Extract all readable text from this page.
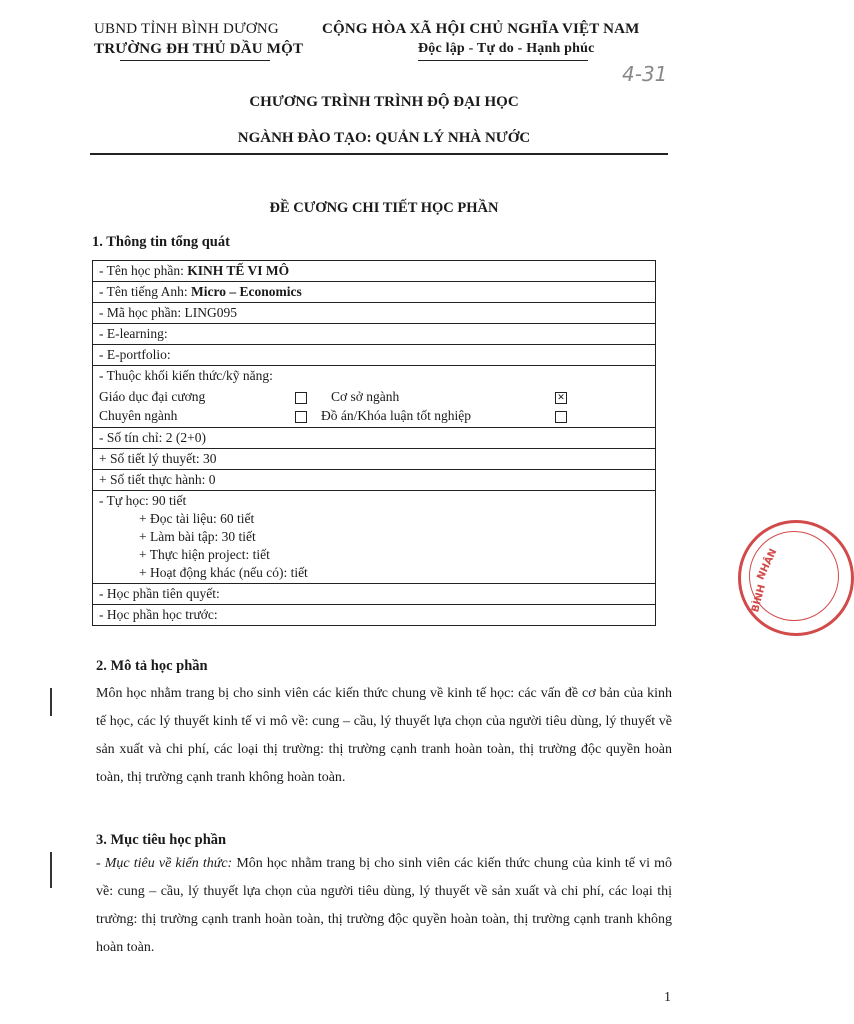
UBND TỈNH BÌNH DƯƠNG
TRƯỜNG ĐH THỦ DẦU MỘT
CỘNG HÒA XÃ HỘI CHỦ NGHĨA VIỆT NAM
Độc lập - Tự do - Hạnh phúc
4-31
CHƯƠNG TRÌNH TRÌNH ĐỘ ĐẠI HỌC
NGÀNH ĐÀO TẠO: QUẢN LÝ NHÀ NƯỚC
ĐỀ CƯƠNG CHI TIẾT HỌC PHẦN
1. Thông tin tổng quát
- Tên học phần: KINH TẾ VI MÔ
- Tên tiếng Anh: Micro – Economics
- Mã học phần: LING095
- E-learning:
- E-portfolio:
- Thuộc khối kiến thức/kỹ năng:
Giáo dục đại cương	Cơ sở ngành
✕
Chuyên ngành	Đồ án/Khóa luận tốt nghiệp
- Số tín chỉ: 2 (2+0)
+ Số tiết lý thuyết: 30
+ Số tiết thực hành: 0
- Tự học: 90 tiết
+ Đọc tài liệu: 60 tiết
+ Làm bài tập: 30 tiết
+ Thực hiện project: tiết
+ Hoạt động khác (nếu có): tiết
- Học phần tiên quyết:
- Học phần học trước:
2. Mô tả học phần
Môn học nhằm trang bị cho sinh viên các kiến thức chung về kinh tế học: các vấn đề cơ bản của kinh tế học, các lý thuyết kinh tế vi mô về: cung – cầu, lý thuyết lựa chọn của người tiêu dùng, lý thuyết về sản xuất và chi phí, các loại thị trường: thị trường cạnh tranh hoàn toàn, thị trường độc quyền hoàn toàn, thị trường cạnh tranh không hoàn toàn.
3. Mục tiêu học phần
- Mục tiêu về kiến thức: Môn học nhằm trang bị cho sinh viên các kiến thức chung của kinh tế vi mô về: cung – cầu, lý thuyết lựa chọn của người tiêu dùng, lý thuyết về sản xuất và chi phí, các loại thị trường: thị trường cạnh tranh hoàn toàn, thị trường độc quyền hoàn toàn, thị trường cạnh tranh không hoàn toàn.
1
NHÂN
BÌNH
